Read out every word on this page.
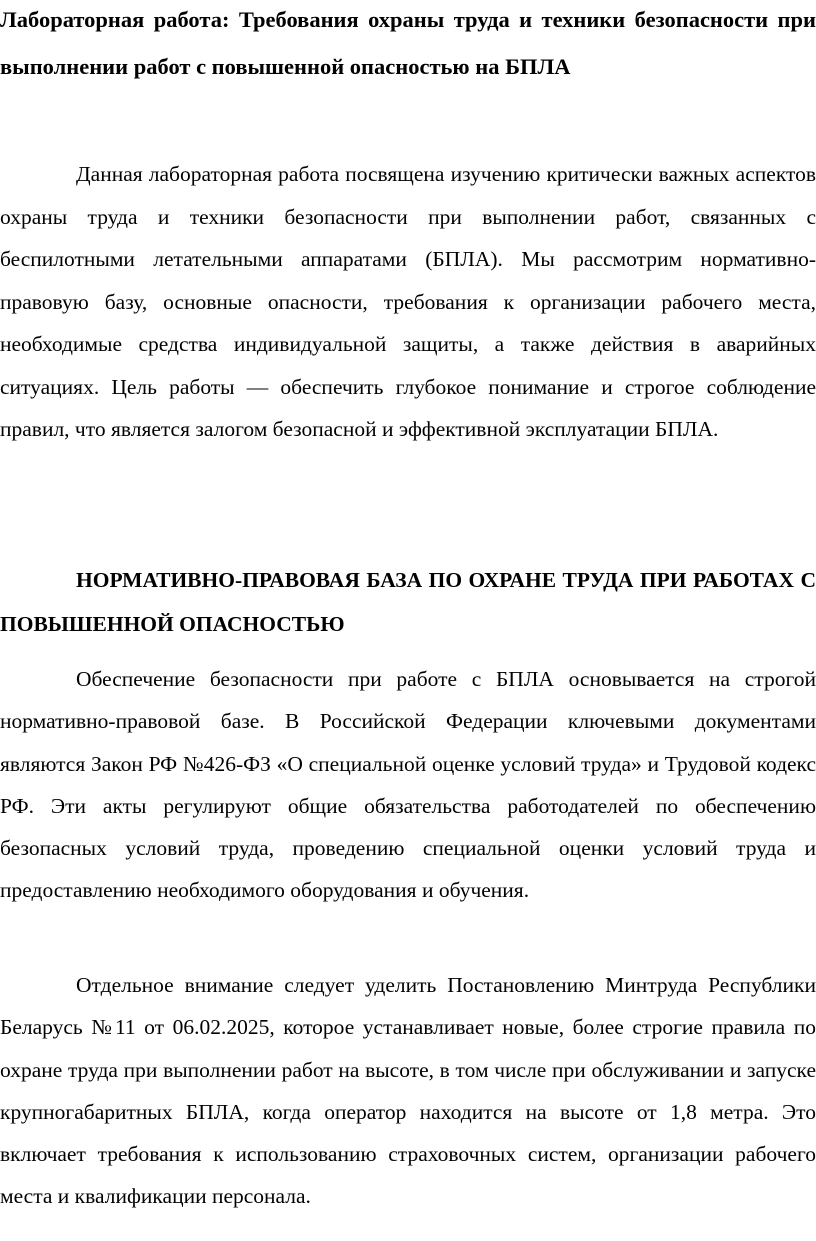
Лабораторная работа: Требования охраны труда и техники безопасности при выполнении работ с повышенной опасностью на БПЛА

Данная лабораторная работа посвящена изучению критически важных аспектов охраны труда и техники безопасности при выполнении работ, связанных с беспилотными летательными аппаратами (БПЛА). Мы рассмотрим нормативно-правовую базу, основные опасности, требования к организации рабочего места, необходимые средства индивидуальной защиты, а также действия в аварийных ситуациях. Цель работы — обеспечить глубокое понимание и строгое соблюдение правил, что является залогом безопасной и эффективной эксплуатации БПЛА.

НОРМАТИВНО-ПРАВОВАЯ БАЗА ПО ОХРАНЕ ТРУДА ПРИ РАБОТАХ С ПОВЫШЕННОЙ ОПАСНОСТЬЮ

Обеспечение безопасности при работе с БПЛА основывается на строгой нормативно-правовой базе. В Российской Федерации ключевыми документами являются Закон РФ №426-ФЗ «О специальной оценке условий труда» и Трудовой кодекс РФ. Эти акты регулируют общие обязательства работодателей по обеспечению безопасных условий труда, проведению специальной оценки условий труда и предоставлению необходимого оборудования и обучения.

Отдельное внимание следует уделить Постановлению Минтруда Республики Беларусь №11 от 06.02.2025, которое устанавливает новые, более строгие правила по охране труда при выполнении работ на высоте, в том числе при обслуживании и запуске крупногабаритных БПЛА, когда оператор находится на высоте от 1,8 метра. Это включает требования к использованию страховочных систем, организации рабочего места и квалификации персонала.
